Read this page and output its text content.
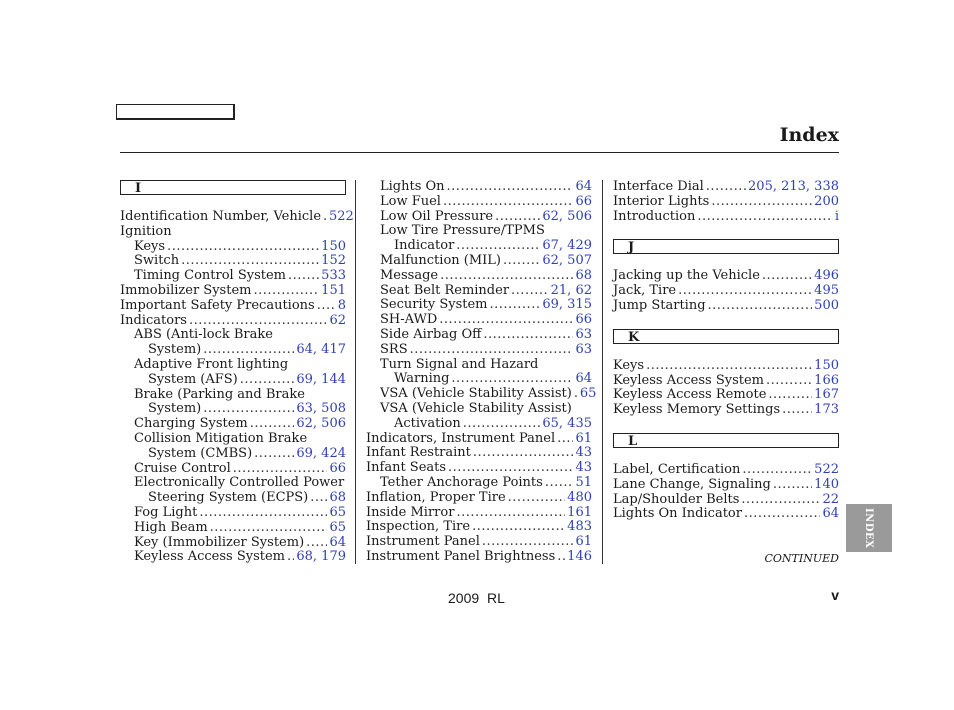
Index
I
Identification Number, Vehicle ..... 522
Ignition
Keys .....	150
Switch .....	152
Timing Control System .....	533
Immobilizer System .....	151
Important Safety Precautions ..... 8
Indicators .....	62
ABS (Anti-lock Brake
System) .....	64, 417
Adaptive Front lighting
System (AFS) .....	69, 144
Brake (Parking and Brake
System) .....	63, 508
Charging System .....	62, 506
Collision Mitigation Brake
System (CMBS) .....	69, 424
Cruise Control .....	66
Electronically Controlled Power
Steering System (ECPS) ..... 68
Fog Light .....	65
High Beam .....	65
Key (Immobilizer System) ..... 64
Keyless Access System ..... 68, 179
Lights On .....	64
Low Fuel .....	66
Low Oil Pressure .....	62, 506
Low Tire Pressure/TPMS
Indicator .....	67, 429
Malfunction (MIL) .....	62, 507
Message .....	68
Seat Belt Reminder .....	21, 62
Security System .....	69, 315
SH-AWD .....	66
Side Airbag Off .....	63
SRS .....	63
Turn Signal and Hazard
Warning .....	64
VSA (Vehicle Stability Assist) ..... 65
VSA (Vehicle Stability Assist)
Activation .....	65, 435
Indicators, Instrument Panel ..... 61
Infant Restraint .....	43
Infant Seats .....	43
Tether Anchorage Points .....	51
Inflation, Proper Tire .....	480
Inside Mirror .....	161
Inspection, Tire .....	483
Instrument Panel .....	61
Instrument Panel Brightness ..... 146
Interface Dial .....	205, 213, 338
Interior Lights .....	200
Introduction .....	i
J
Jacking up the Vehicle .....	496
Jack, Tire .....	495
Jump Starting .....	500
K
Keys .....	150
Keyless Access System .....	166
Keyless Access Remote .....	167
Keyless Memory Settings .....	173
L
Label, Certification .....	522
Lane Change, Signaling .....	140
Lap/Shoulder Belts .....	22
Lights On Indicator .....	64 INDEX
CONTINUED
2009 RL	v
